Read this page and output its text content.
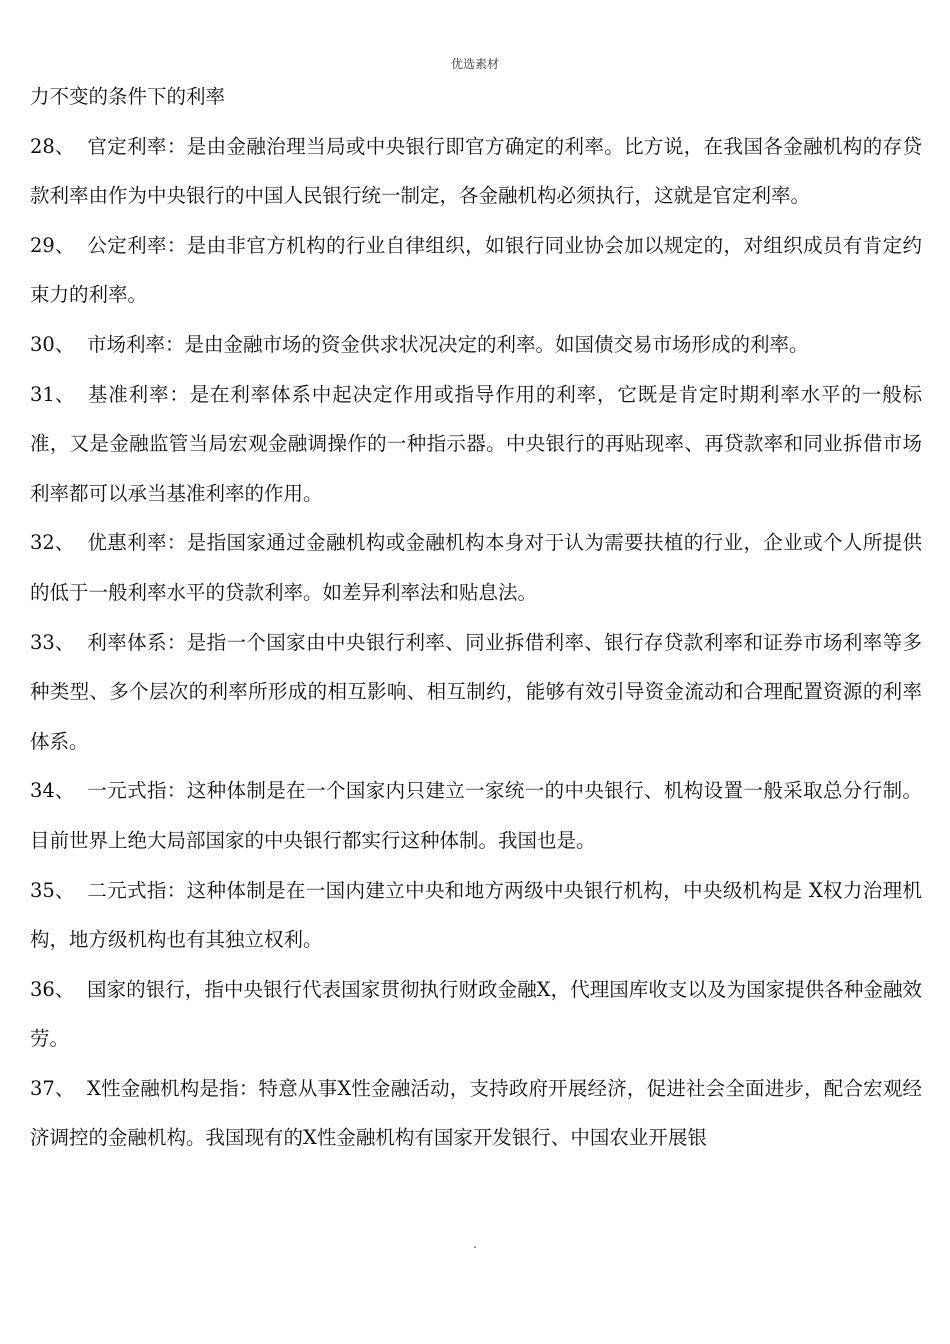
优选素材

力不变的条件下的利率

28、 官定利率：是由金融治理当局或中央银行即官方确定的利率。比方说，在我国各金融机构的存贷款利率由作为中央银行的中国人民银行统一制定，各金融机构必须执行，这就是官定利率。

29、 公定利率：是由非官方机构的行业自律组织，如银行同业协会加以规定的，对组织成员有肯定约束力的利率。

30、 市场利率：是由金融市场的资金供求状况决定的利率。如国债交易市场形成的利率。

31、 基准利率：是在利率体系中起决定作用或指导作用的利率，它既是肯定时期利率水平的一般标准，又是金融监管当局宏观金融调操作的一种指示器。中央银行的再贴现率、再贷款率和同业拆借市场利率都可以承当基准利率的作用。

32、 优惠利率：是指国家通过金融机构或金融机构本身对于认为需要扶植的行业，企业或个人所提供的低于一般利率水平的贷款利率。如差异利率法和贴息法。

33、 利率体系：是指一个国家由中央银行利率、同业拆借利率、银行存贷款利率和证券市场利率等多种类型、多个层次的利率所形成的相互影响、相互制约，能够有效引导资金流动和合理配置资源的利率体系。

34、 一元式指：这种体制是在一个国家内只建立一家统一的中央银行、机构设置一般采取总分行制。目前世界上绝大局部国家的中央银行都实行这种体制。我国也是。

35、 二元式指：这种体制是在一国内建立中央和地方两级中央银行机构，中央级机构是 X权力治理机构，地方级机构也有其独立权利。

36、 国家的银行，指中央银行代表国家贯彻执行财政金融X，代理国库收支以及为国家提供各种金融效劳。

37、 X性金融机构是指：特意从事X性金融活动，支持政府开展经济，促进社会全面进步，配合宏观经济调控的金融机构。我国现有的X性金融机构有国家开发银行、中国农业开展银

.
